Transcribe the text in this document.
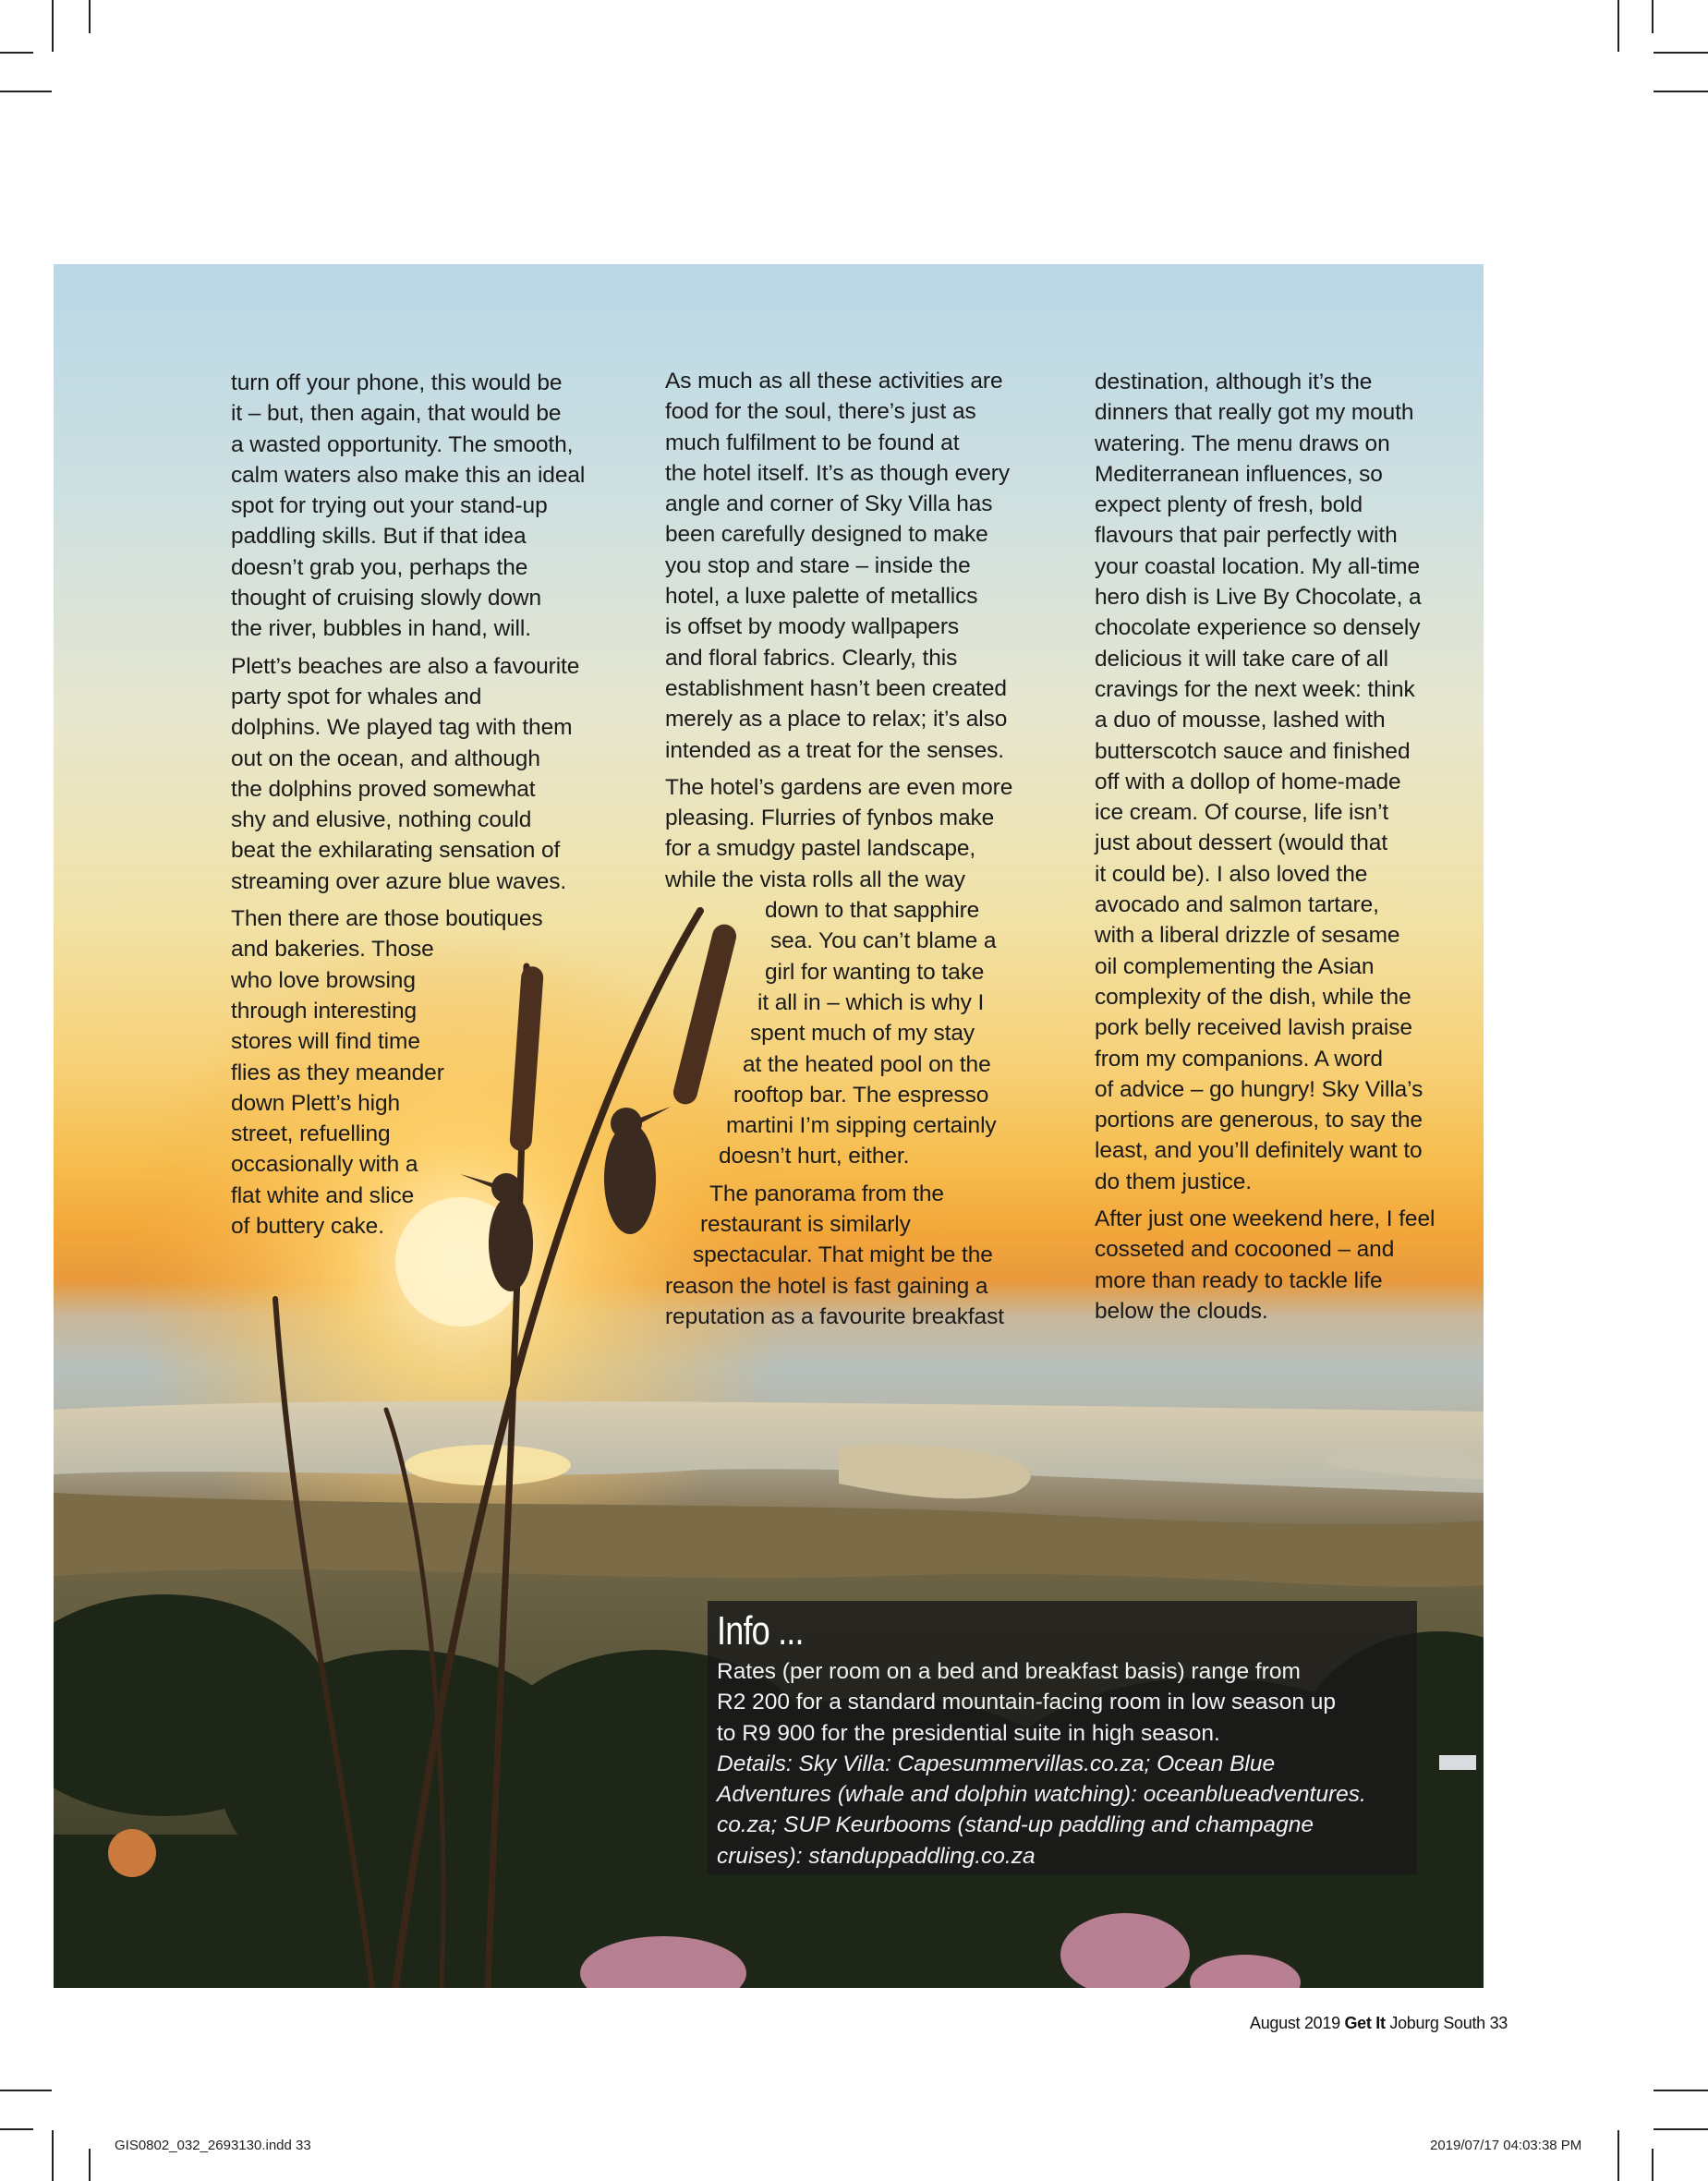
turn off your phone, this would be
it – but, then again, that would be
a wasted opportunity. The smooth,
calm waters also make this an ideal
spot for trying out your stand-up
paddling skills. But if that idea
doesn’t grab you, perhaps the
thought of cruising slowly down
the river, bubbles in hand, will.

Plett’s beaches are also a favourite
party spot for whales and
dolphins. We played tag with them
out on the ocean, and although
the dolphins proved somewhat
shy and elusive, nothing could
beat the exhilarating sensation of
streaming over azure blue waves.

Then there are those boutiques
and bakeries. Those
who love browsing
through interesting
stores will find time
flies as they meander
down Plett’s high
street, refuelling
occasionally with a
flat white and slice
of buttery cake.

As much as all these activities are
food for the soul, there’s just as
much fulfilment to be found at
the hotel itself. It’s as though every
angle and corner of Sky Villa has
been carefully designed to make
you stop and stare – inside the
hotel, a luxe palette of metallics
is offset by moody wallpapers
and floral fabrics. Clearly, this
establishment hasn’t been created
merely as a place to relax; it’s also
intended as a treat for the senses.

The hotel’s gardens are even more
pleasing. Flurries of fynbos make
for a smudgy pastel landscape,
while the vista rolls all the way
down to that sapphire
sea. You can’t blame a
girl for wanting to take
it all in – which is why I
spent much of my stay
at the heated pool on the
rooftop bar. The espresso
martini I’m sipping certainly
doesn’t hurt, either.

The panorama from the
restaurant is similarly
spectacular. That might be the
reason the hotel is fast gaining a
reputation as a favourite breakfast

destination, although it’s the
dinners that really got my mouth
watering. The menu draws on
Mediterranean influences, so
expect plenty of fresh, bold
flavours that pair perfectly with
your coastal location. My all-time
hero dish is Live By Chocolate, a
chocolate experience so densely
delicious it will take care of all
cravings for the next week: think
a duo of mousse, lashed with
butterscotch sauce and finished
off with a dollop of home-made
ice cream. Of course, life isn’t
just about dessert (would that
it could be). I also loved the
avocado and salmon tartare,
with a liberal drizzle of sesame
oil complementing the Asian
complexity of the dish, while the
pork belly received lavish praise
from my companions. A word
of advice – go hungry! Sky Villa’s
portions are generous, to say the
least, and you’ll definitely want to
do them justice.

After just one weekend here, I feel
cosseted and cocooned – and
more than ready to tackle life
below the clouds.

Info ...
Rates (per room on a bed and breakfast basis) range from
R2 200 for a standard mountain-facing room in low season up
to R9 900 for the presidential suite in high season.
Details: Sky Villa: Capesummervillas.co.za; Ocean Blue
Adventures (whale and dolphin watching): oceanblueadventures.
co.za; SUP Keurbooms (stand-up paddling and champagne
cruises): standuppaddling.co.za
August 2019 Get It Joburg South 33
GIS0802_032_2693130.indd 33	2019/07/17 04:03:38 PM
